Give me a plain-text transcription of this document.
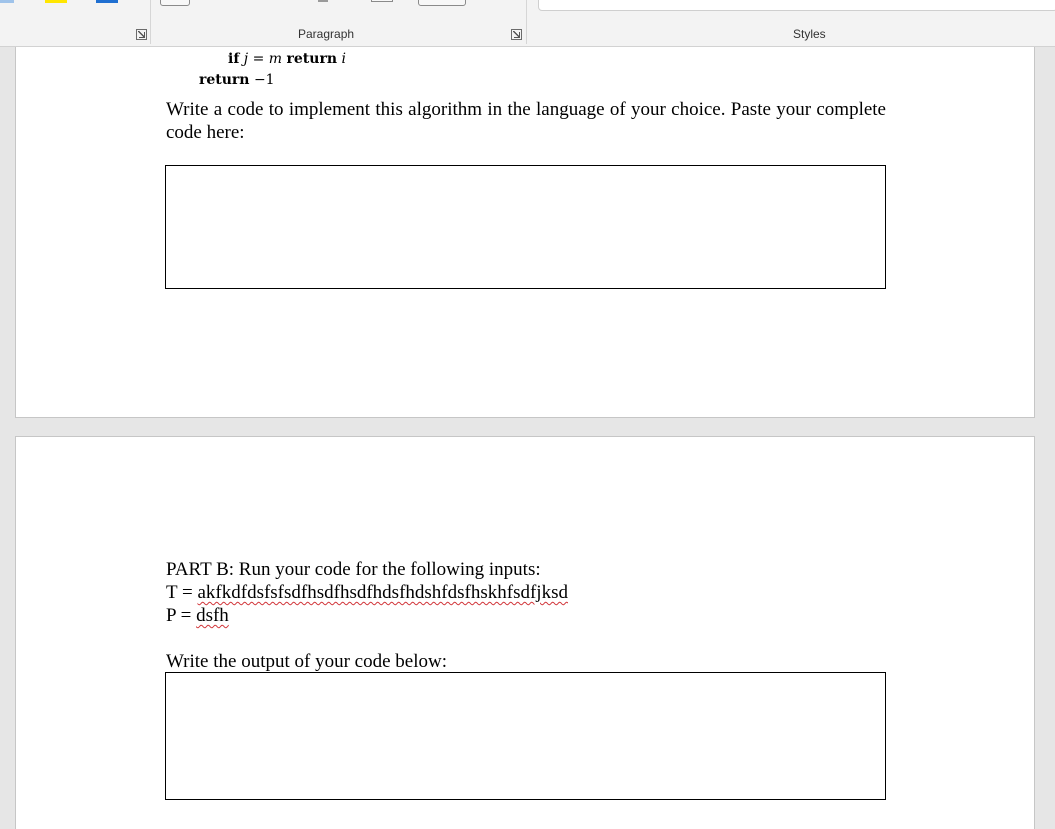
Paragraph	Styles
if j = m return i
return −1

Write a code to implement this algorithm in the language of your choice. Paste your complete code here:

PART B: Run your code for the following inputs:
T = akfkdfdsfsfsdfhsdfhsdfhdsfhdshfdsfhskhfsdfjksd
P = dsfh
Write the output of your code below:
